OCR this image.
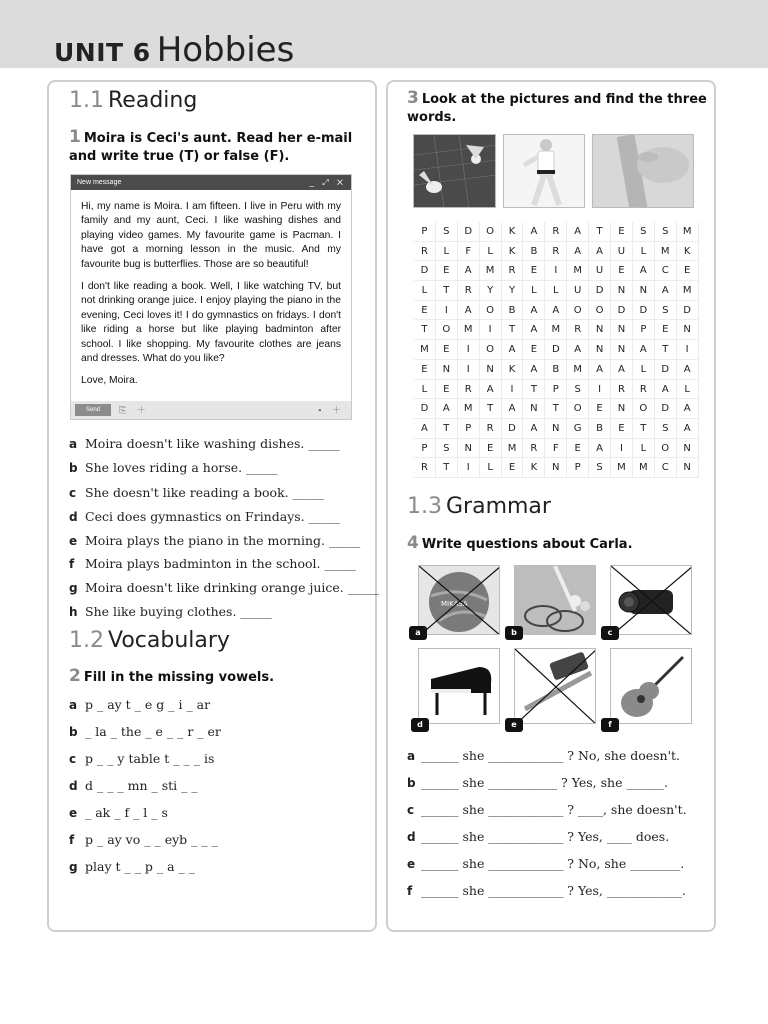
UNIT 6 Hobbies
1.1 Reading
1 Moira is Ceci's aunt. Read her e-mail and write true (T) or false (F).
New message	_ ⤢ ✕

Hi, my name is Moira. I am fifteen. I live in Peru with my family and my aunt, Ceci. I like washing dishes and playing video games. My favourite game is Pacman. I have got a morning lesson in the music. And my favourite bug is butterflies. Those are so beautiful!

I don't like reading a book. Well, I like watching TV, but not drinking orange juice. I enjoy playing the piano in the evening, Ceci loves it! I do gymnastics on fridays. I don't like riding a horse but like playing badminton after school. I like shopping. My favourite clothes are jeans and dresses. What do you like?

Love, Moira.

Send	⎘ ＋	▪ ＋
a Moira doesn't like washing dishes. _____
b She loves riding a horse. _____
c She doesn't like reading a book. _____
d Ceci does gymnastics on Frindays. _____
e Moira plays the piano in the morning. _____
f Moira plays badminton in the school. _____
g Moira doesn't like drinking orange juice. _____
h She like buying clothes. _____
1.2 Vocabulary
2 Fill in the missing vowels.
a p _ ay t _ e g _ i _ ar
b _ la _ the _ e _ _ r _ er
c p _ _ y table t _ _ _ is
d d _ _ _ mn _ sti _ _
e _ ak _ f _ l _ s
f p _ ay vo _ _ eyb _ _ _
g play t _ _ p _ a _ _
3 Look at the pictures and find the three words.
P	S	D	O	K	A	R	A	T	E	S	S	M
R	L	F	L	K	B	R	A	A	U	L	M	K
D	E	A	M	R	E	I	M	U	E	A	C	E
L	T	R	Y	Y	L	L	U	D	N	N	A	M
E	I	A	O	B	A	A	O	O	D	D	S	D
T	O	M	I	T	A	M	R	N	N	P	E	N
M	E	I	O	A	E	D	A	N	N	A	T	I
E	N	I	N	K	A	B	M	A	A	L	D	A
L	E	R	A	I	T	P	S	I	R	R	A	L
D	A	M	T	A	N	T	O	E	N	O	D	A
A	T	P	R	D	A	N	G	B	E	T	S	A
P	S	N	E	M	R	F	E	A	I	L	O	N
R	T	I	L	E	K	N	P	S	M	M	C	N
1.3 Grammar
4 Write questions about Carla.
MIKASA
a	b	c
d	e	f
a ______ she ____________ ? No, she doesn't.
b ______ she ___________ ? Yes, she ______.
c ______ she ____________ ? ____, she doesn't.
d ______ she ____________ ? Yes, ____ does.
e ______ she ____________ ? No, she ________.
f ______ she ____________ ? Yes, ____________.
